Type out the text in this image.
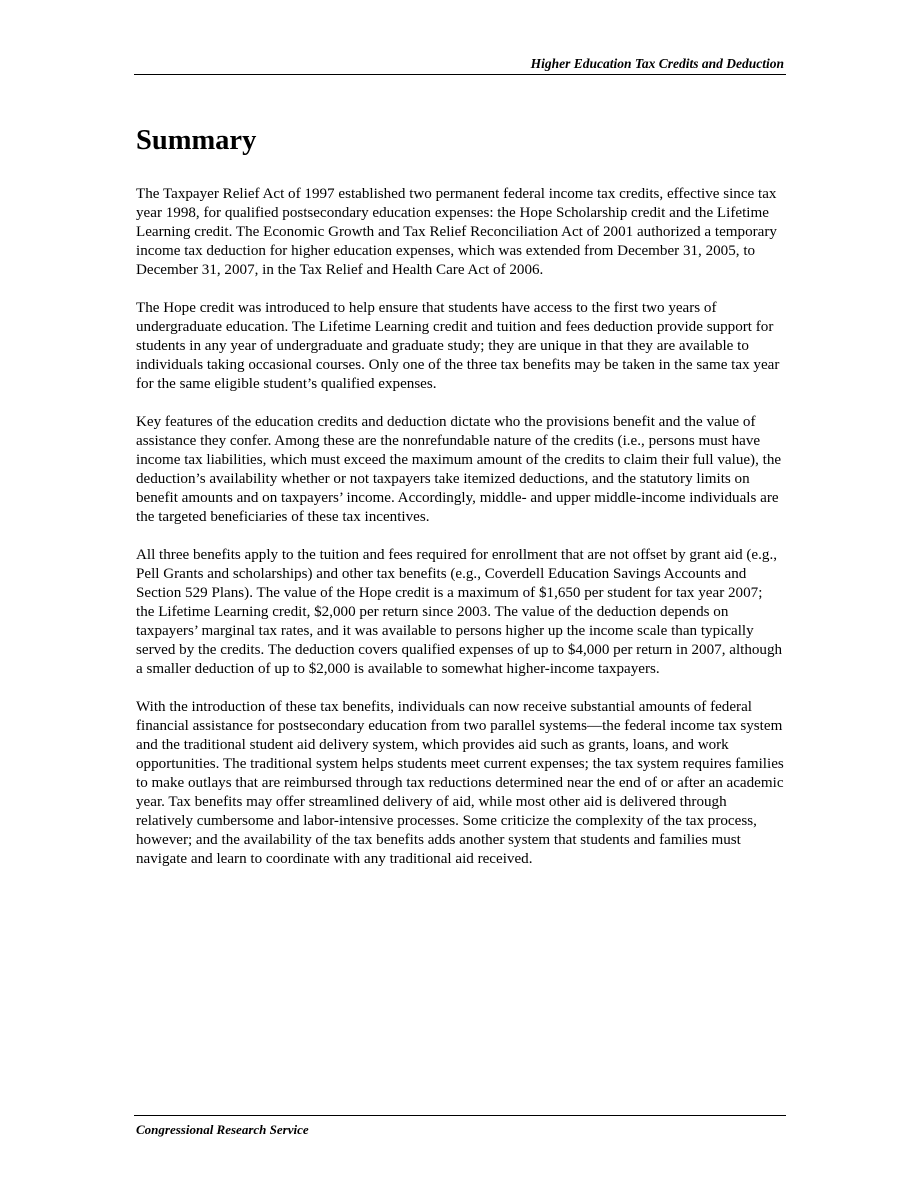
Higher Education Tax Credits and Deduction
Summary

The Taxpayer Relief Act of 1997 established two permanent federal income tax credits, effective since tax year 1998, for qualified postsecondary education expenses: the Hope Scholarship credit and the Lifetime Learning credit. The Economic Growth and Tax Relief Reconciliation Act of 2001 authorized a temporary income tax deduction for higher education expenses, which was extended from December 31, 2005, to December 31, 2007, in the Tax Relief and Health Care Act of 2006.

The Hope credit was introduced to help ensure that students have access to the first two years of undergraduate education. The Lifetime Learning credit and tuition and fees deduction provide support for students in any year of undergraduate and graduate study; they are unique in that they are available to individuals taking occasional courses. Only one of the three tax benefits may be taken in the same tax year for the same eligible student’s qualified expenses.

Key features of the education credits and deduction dictate who the provisions benefit and the value of assistance they confer. Among these are the nonrefundable nature of the credits (i.e., persons must have income tax liabilities, which must exceed the maximum amount of the credits to claim their full value), the deduction’s availability whether or not taxpayers take itemized deductions, and the statutory limits on benefit amounts and on taxpayers’ income. Accordingly, middle- and upper middle-income individuals are the targeted beneficiaries of these tax incentives.

All three benefits apply to the tuition and fees required for enrollment that are not offset by grant aid (e.g., Pell Grants and scholarships) and other tax benefits (e.g., Coverdell Education Savings Accounts and Section 529 Plans). The value of the Hope credit is a maximum of $1,650 per student for tax year 2007; the Lifetime Learning credit, $2,000 per return since 2003. The value of the deduction depends on taxpayers’ marginal tax rates, and it was available to persons higher up the income scale than typically served by the credits. The deduction covers qualified expenses of up to $4,000 per return in 2007, although a smaller deduction of up to $2,000 is available to somewhat higher-income taxpayers.

With the introduction of these tax benefits, individuals can now receive substantial amounts of federal financial assistance for postsecondary education from two parallel systems—the federal income tax system and the traditional student aid delivery system, which provides aid such as grants, loans, and work opportunities. The traditional system helps students meet current expenses; the tax system requires families to make outlays that are reimbursed through tax reductions determined near the end of or after an academic year. Tax benefits may offer streamlined delivery of aid, while most other aid is delivered through relatively cumbersome and labor-intensive processes. Some criticize the complexity of the tax process, however; and the availability of the tax benefits adds another system that students and families must navigate and learn to coordinate with any traditional aid received.

Congressional Research Service
